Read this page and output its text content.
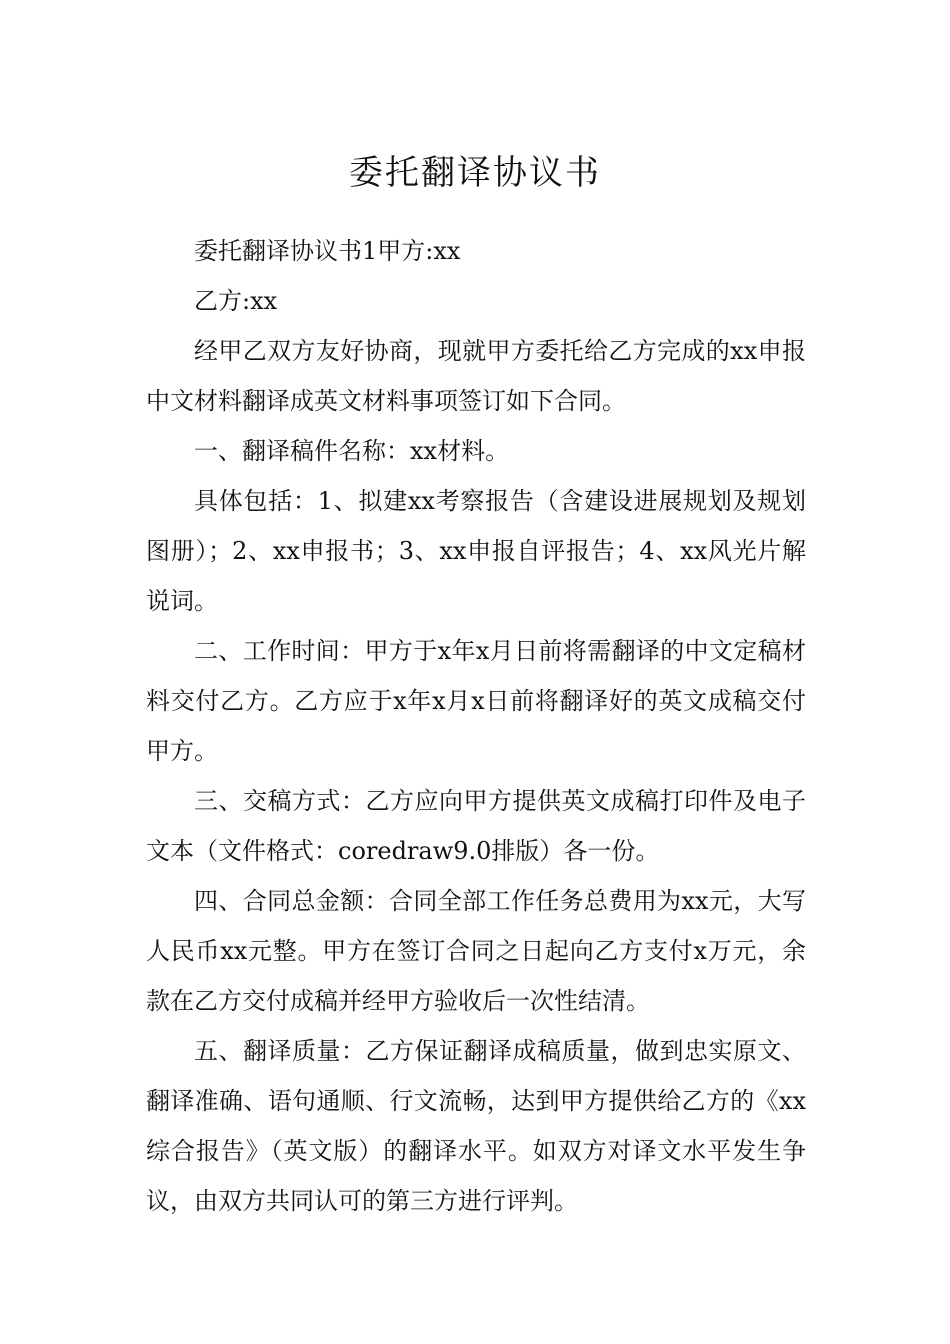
委托翻译协议书

委托翻译协议书1甲方:xx

乙方:xx

经甲乙双方友好协商，现就甲方委托给乙方完成的xx申报中文材料翻译成英文材料事项签订如下合同。

一、翻译稿件名称：xx材料。

具体包括：1、拟建xx考察报告（含建设进展规划及规划图册）；2、xx申报书；3、xx申报自评报告；4、xx风光片解说词。

二、工作时间：甲方于x年x月日前将需翻译的中文定稿材料交付乙方。乙方应于x年x月x日前将翻译好的英文成稿交付甲方。

三、交稿方式：乙方应向甲方提供英文成稿打印件及电子文本（文件格式：coredraw9.0排版）各一份。

四、合同总金额：合同全部工作任务总费用为xx元，大写人民币xx元整。甲方在签订合同之日起向乙方支付x万元，余款在乙方交付成稿并经甲方验收后一次性结清。

五、翻译质量：乙方保证翻译成稿质量，做到忠实原文、翻译准确、语句通顺、行文流畅，达到甲方提供给乙方的《xx综合报告》（英文版）的翻译水平。如双方对译文水平发生争议，由双方共同认可的第三方进行评判。
